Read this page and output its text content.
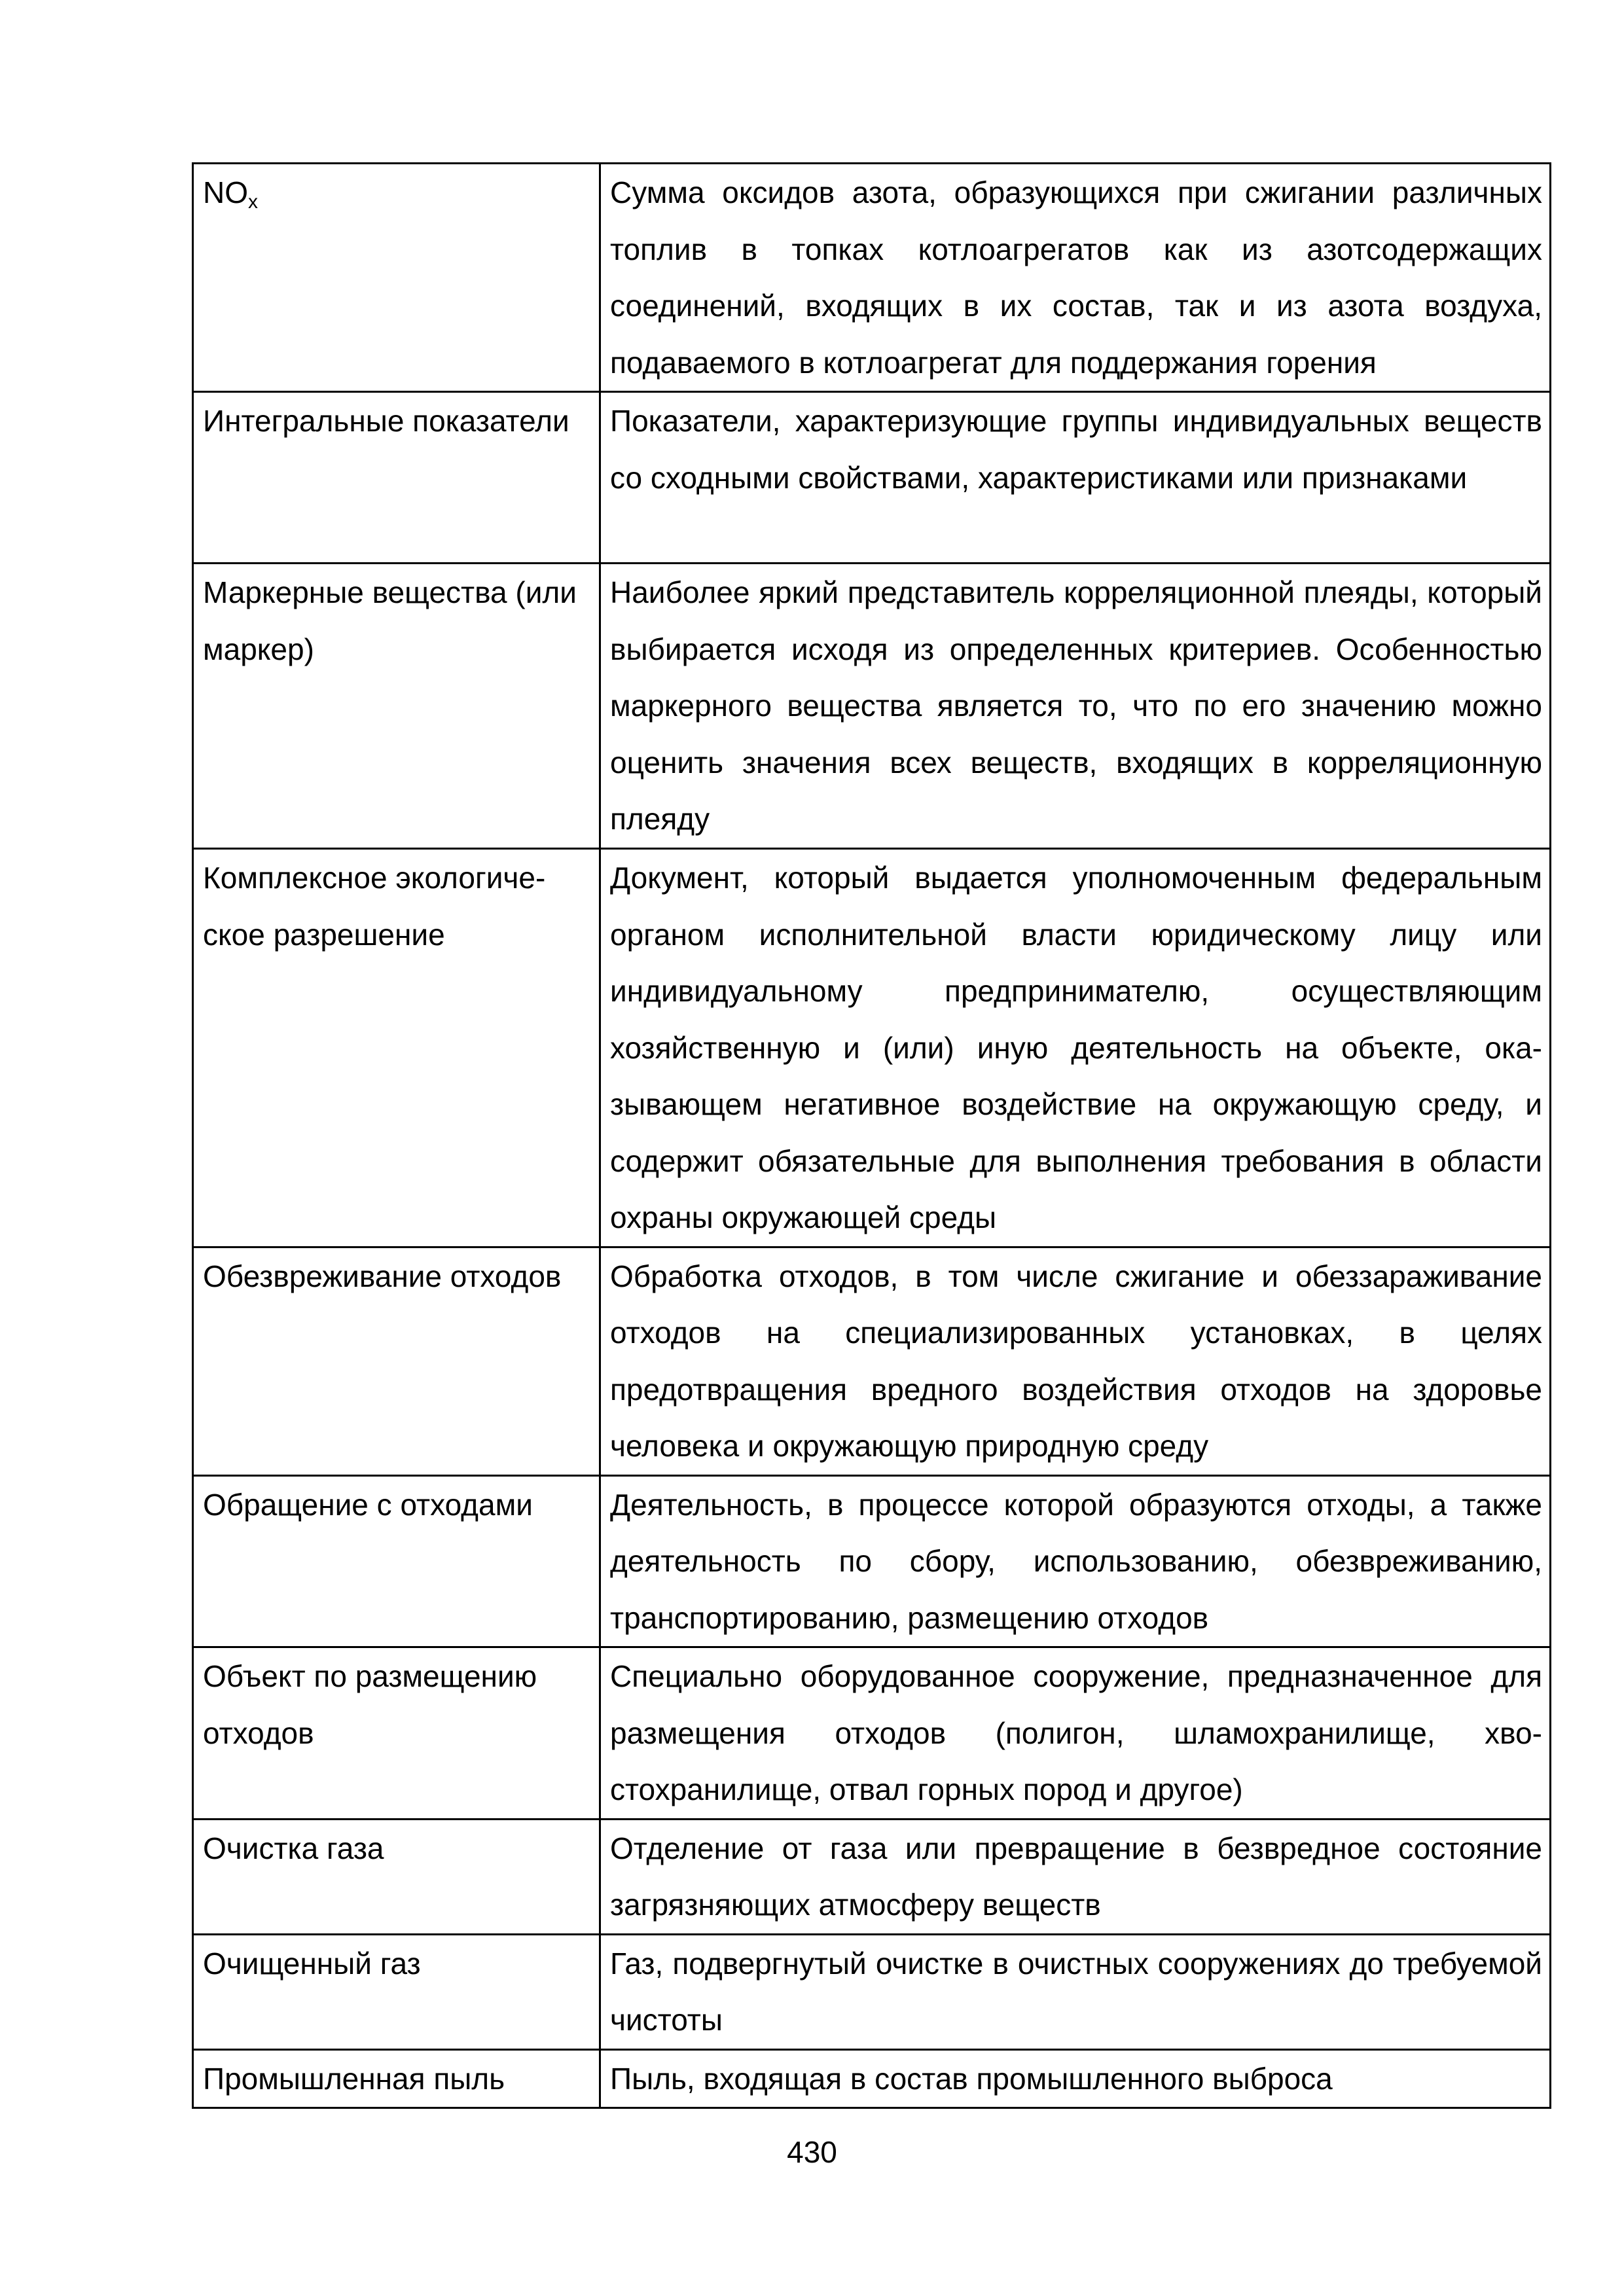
NOx	Сумма оксидов азота, образующихся при сжигании различных топлив в топках котлоагрегатов как из азотсодержащих соединений, входящих в их состав, так и из азота воздуха, подаваемого в котлоагрегат для поддержания горения
Интегральные показатели	Показатели, характеризующие группы индивидуальных веществ со сходными свойствами, характеристиками или признаками
Маркерные вещества (или маркер)	Наиболее яркий представитель корреляционной плеяды, который выбирается исходя из определенных критериев. Особенностью маркерного вещества является то, что по его значению можно оценить значения всех веществ, входящих в корреляционную плеяду
Комплексное экологическое разрешение	Документ, который выдается уполномоченным федеральным органом исполнительной власти юридическому лицу или индивидуальному предпринимателю, осуществляющим хозяйственную и (или) иную деятельность на объекте, оказывающем негативное воздействие на окружающую среду, и содержит обязательные для выполнения требования в области охраны окружающей среды
Обезвреживание отходов	Обработка отходов, в том числе сжигание и обеззараживание отходов на специализированных установках, в целях предотвращения вредного воздействия отходов на здоровье человека и окружающую природную среду
Обращение с отходами	Деятельность, в процессе которой образуются отходы, а также деятельность по сбору, использованию, обезвреживанию, транспортированию, размещению отходов
Объект по размещению отходов	Специально оборудованное сооружение, предназначенное для размещения отходов (полигон, шламохранилище, хвостохранилище, отвал горных пород и другое)
Очистка газа	Отделение от газа или превращение в безвредное состояние загрязняющих атмосферу веществ
Очищенный газ	Газ, подвергнутый очистке в очистных сооружениях до требуемой чистоты
Промышленная пыль	Пыль, входящая в состав промышленного выброса
430
